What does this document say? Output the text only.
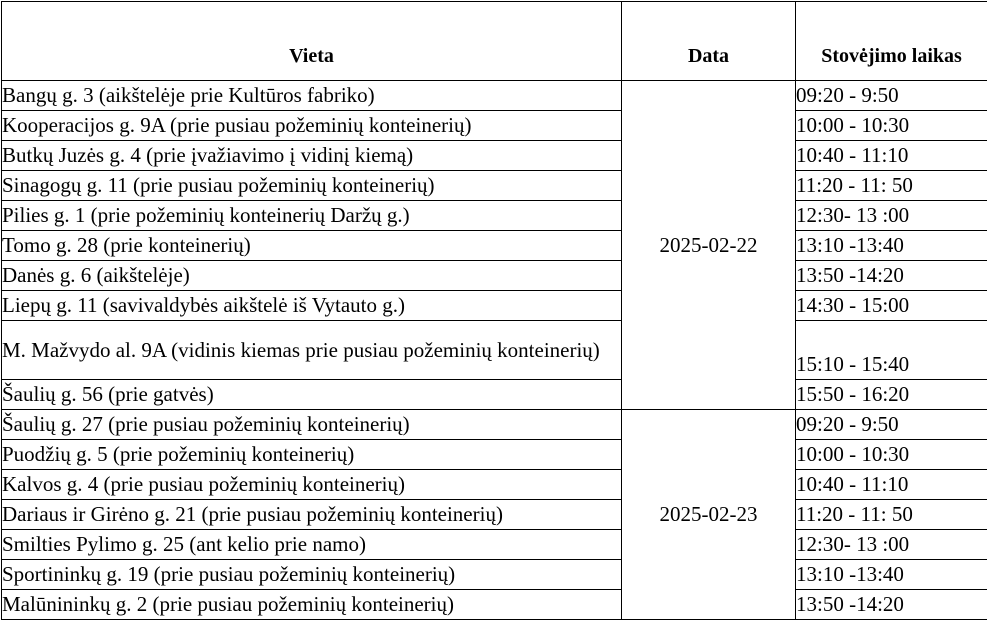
Vieta	Data	Stovėjimo laikas
Bangų g. 3 (aikštelėje prie Kultūros fabriko)	2025-02-22	09:20 - 9:50
Kooperacijos g. 9A (prie pusiau požeminių konteinerių)		10:00 - 10:30
Butkų Juzės g. 4 (prie įvažiavimo į vidinį kiemą)		10:40 - 11:10
Sinagogų g. 11 (prie pusiau požeminių konteinerių)		11:20 - 11: 50
Pilies g. 1 (prie požeminių konteinerių Daržų g.)		12:30- 13 :00
Tomo g. 28 (prie konteinerių)		13:10 -13:40
Danės g. 6 (aikštelėje)		13:50 -14:20
Liepų g. 11 (savivaldybės aikštelė iš Vytauto g.)		14:30 - 15:00
M. Mažvydo al. 9A (vidinis kiemas prie pusiau požeminių konteinerių)		15:10 - 15:40
Šaulių g. 56 (prie gatvės)		15:50 - 16:20
Šaulių g. 27 (prie pusiau požeminių konteinerių)	2025-02-23	09:20 - 9:50
Puodžių g. 5 (prie požeminių konteinerių)		10:00 - 10:30
Kalvos g. 4 (prie pusiau požeminių konteinerių)		10:40 - 11:10
Dariaus ir Girėno g. 21 (prie pusiau požeminių konteinerių)		11:20 - 11: 50
Smilties Pylimo g. 25 (ant kelio prie namo)		12:30- 13 :00
Sportininkų g. 19 (prie pusiau požeminių konteinerių)		13:10 -13:40
Malūnininkų g. 2 (prie pusiau požeminių konteinerių)		13:50 -14:20
